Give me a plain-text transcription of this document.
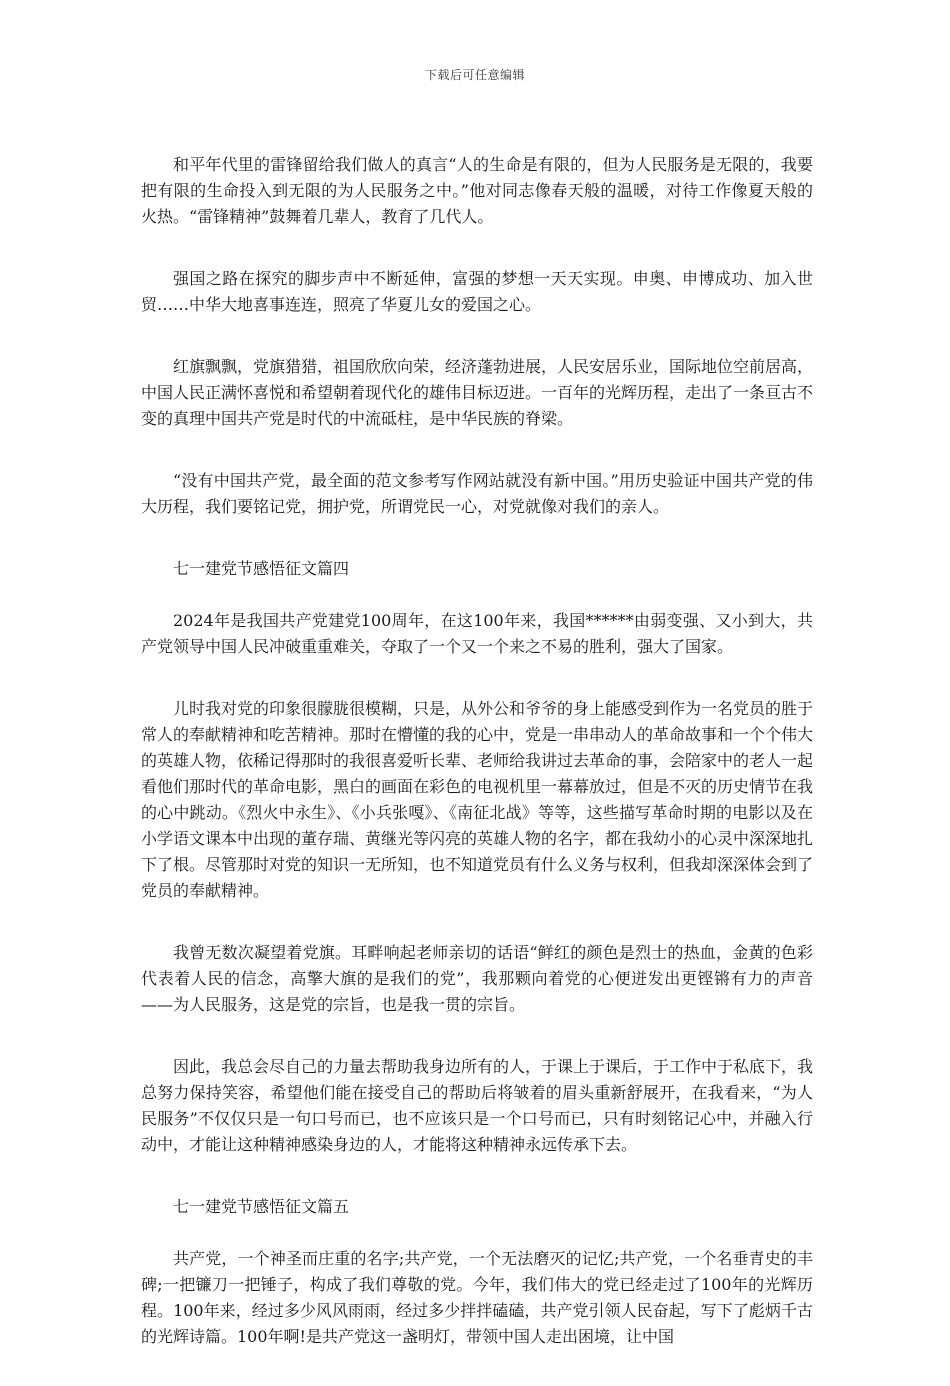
下载后可任意编辑

和平年代里的雷锋留给我们做人的真言“人的生命是有限的，但为人民服务是无限的，我要把有限的生命投入到无限的为人民服务之中。”他对同志像春天般的温暖，对待工作像夏天般的火热。“雷锋精神”鼓舞着几辈人，教育了几代人。

强国之路在探究的脚步声中不断延伸，富强的梦想一天天实现。申奥、申博成功、加入世贸……中华大地喜事连连，照亮了华夏儿女的爱国之心。

红旗飘飘，党旗猎猎，祖国欣欣向荣，经济蓬勃进展，人民安居乐业，国际地位空前居高，中国人民正满怀喜悦和希望朝着现代化的雄伟目标迈进。一百年的光辉历程，走出了一条亘古不变的真理中国共产党是时代的中流砥柱，是中华民族的脊梁。

“没有中国共产党，最全面的范文参考写作网站就没有新中国。”用历史验证中国共产党的伟大历程，我们要铭记党，拥护党，所谓党民一心，对党就像对我们的亲人。

七一建党节感悟征文篇四

2024年是我国共产党建党100周年，在这100年来，我国******由弱变强、又小到大，共产党领导中国人民冲破重重难关，夺取了一个又一个来之不易的胜利，强大了国家。

儿时我对党的印象很朦胧很模糊，只是，从外公和爷爷的身上能感受到作为一名党员的胜于常人的奉献精神和吃苦精神。那时在懵懂的我的心中，党是一串串动人的革命故事和一个个伟大的英雄人物，依稀记得那时的我很喜爱听长辈、老师给我讲过去革命的事，会陪家中的老人一起看他们那时代的革命电影，黑白的画面在彩色的电视机里一幕幕放过，但是不灭的历史情节在我的心中跳动。《烈火中永生》、《小兵张嘎》、《南征北战》等等，这些描写革命时期的电影以及在小学语文课本中出现的董存瑞、黄继光等闪亮的英雄人物的名字，都在我幼小的心灵中深深地扎下了根。尽管那时对党的知识一无所知，也不知道党员有什么义务与权利，但我却深深体会到了党员的奉献精神。

我曾无数次凝望着党旗。耳畔响起老师亲切的话语“鲜红的颜色是烈士的热血，金黄的色彩代表着人民的信念，高擎大旗的是我们的党”，我那颗向着党的心便迸发出更铿锵有力的声音——为人民服务，这是党的宗旨，也是我一贯的宗旨。

因此，我总会尽自己的力量去帮助我身边所有的人，于课上于课后，于工作中于私底下，我总努力保持笑容，希望他们能在接受自己的帮助后将皱着的眉头重新舒展开，在我看来，“为人民服务”不仅仅只是一句口号而已，也不应该只是一个口号而已，只有时刻铭记心中，并融入行动中，才能让这种精神感染身边的人，才能将这种精神永远传承下去。

七一建党节感悟征文篇五

共产党，一个神圣而庄重的名字;共产党，一个无法磨灭的记忆;共产党，一个名垂青史的丰碑;一把镰刀一把锤子，构成了我们尊敬的党。今年，我们伟大的党已经走过了100年的光辉历程。100年来，经过多少风风雨雨，经过多少拌拌磕磕，共产党引领人民奋起，写下了彪炳千古的光辉诗篇。100年啊!是共产党这一盏明灯，带领中国人走出困境，让中国
